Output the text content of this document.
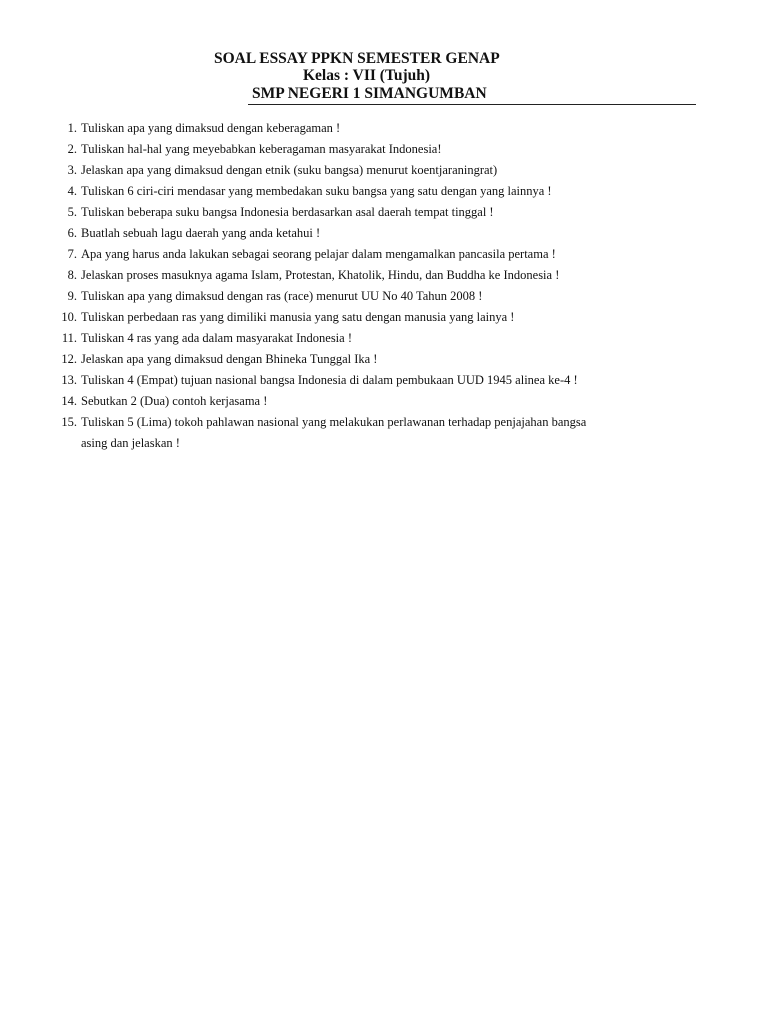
SOAL ESSAY PPKN SEMESTER GENAP
Kelas : VII (Tujuh)
SMP NEGERI 1 SIMANGUMBAN
1. Tuliskan apa yang dimaksud dengan keberagaman !
2. Tuliskan hal-hal yang meyebabkan keberagaman masyarakat Indonesia!
3. Jelaskan apa yang dimaksud dengan etnik (suku bangsa) menurut koentjaraningrat)
4. Tuliskan 6 ciri-ciri mendasar yang membedakan suku bangsa yang satu dengan yang lainnya !
5. Tuliskan beberapa suku bangsa Indonesia berdasarkan asal daerah tempat tinggal !
6. Buatlah sebuah lagu daerah yang anda ketahui !
7. Apa yang harus anda lakukan sebagai seorang pelajar dalam mengamalkan pancasila pertama !
8. Jelaskan proses masuknya agama Islam, Protestan, Khatolik, Hindu, dan Buddha ke Indonesia !
9. Tuliskan apa yang dimaksud dengan ras (race) menurut UU No 40 Tahun 2008 !
10. Tuliskan perbedaan ras yang dimiliki manusia yang satu dengan manusia yang lainya !
11. Tuliskan 4 ras yang ada dalam masyarakat Indonesia !
12. Jelaskan apa yang dimaksud dengan Bhineka Tunggal Ika !
13. Tuliskan 4 (Empat) tujuan nasional bangsa Indonesia di dalam pembukaan UUD 1945 alinea ke-4 !
14. Sebutkan 2 (Dua) contoh kerjasama !
15. Tuliskan 5 (Lima) tokoh pahlawan nasional yang melakukan perlawanan terhadap penjajahan bangsa
asing dan jelaskan !
